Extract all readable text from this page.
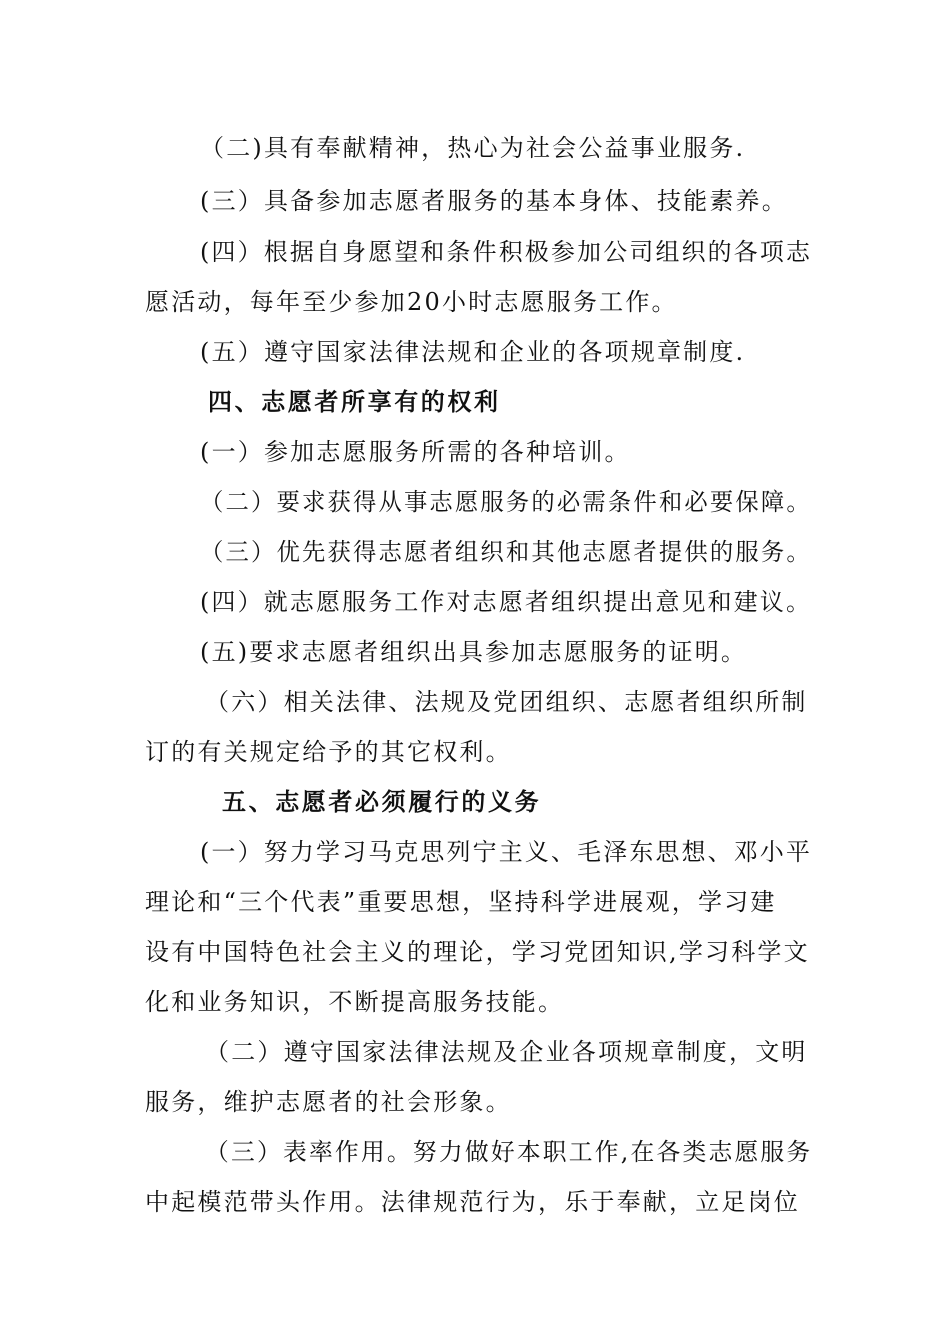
（二)具有奉献精神，热心为社会公益事业服务.
(三）具备参加志愿者服务的基本身体、技能素养。
(四）根据自身愿望和条件积极参加公司组织的各项志
愿活动，每年至少参加20小时志愿服务工作。
(五）遵守国家法律法规和企业的各项规章制度.
四、志愿者所享有的权利
(一）参加志愿服务所需的各种培训。
（二）要求获得从事志愿服务的必需条件和必要保障。
（三）优先获得志愿者组织和其他志愿者提供的服务。
(四）就志愿服务工作对志愿者组织提出意见和建议。
(五)要求志愿者组织出具参加志愿服务的证明。
（六）相关法律、法规及党团组织、志愿者组织所制
订的有关规定给予的其它权利。
五、志愿者必须履行的义务
(一）努力学习马克思列宁主义、毛泽东思想、邓小平
理论和“三个代表”重要思想，坚持科学进展观，学习建
设有中国特色社会主义的理论，学习党团知识,学习科学文
化和业务知识，不断提高服务技能。
（二）遵守国家法律法规及企业各项规章制度，文明
服务，维护志愿者的社会形象。
（三）表率作用。努力做好本职工作,在各类志愿服务
中起模范带头作用。法律规范行为，乐于奉献，立足岗位
